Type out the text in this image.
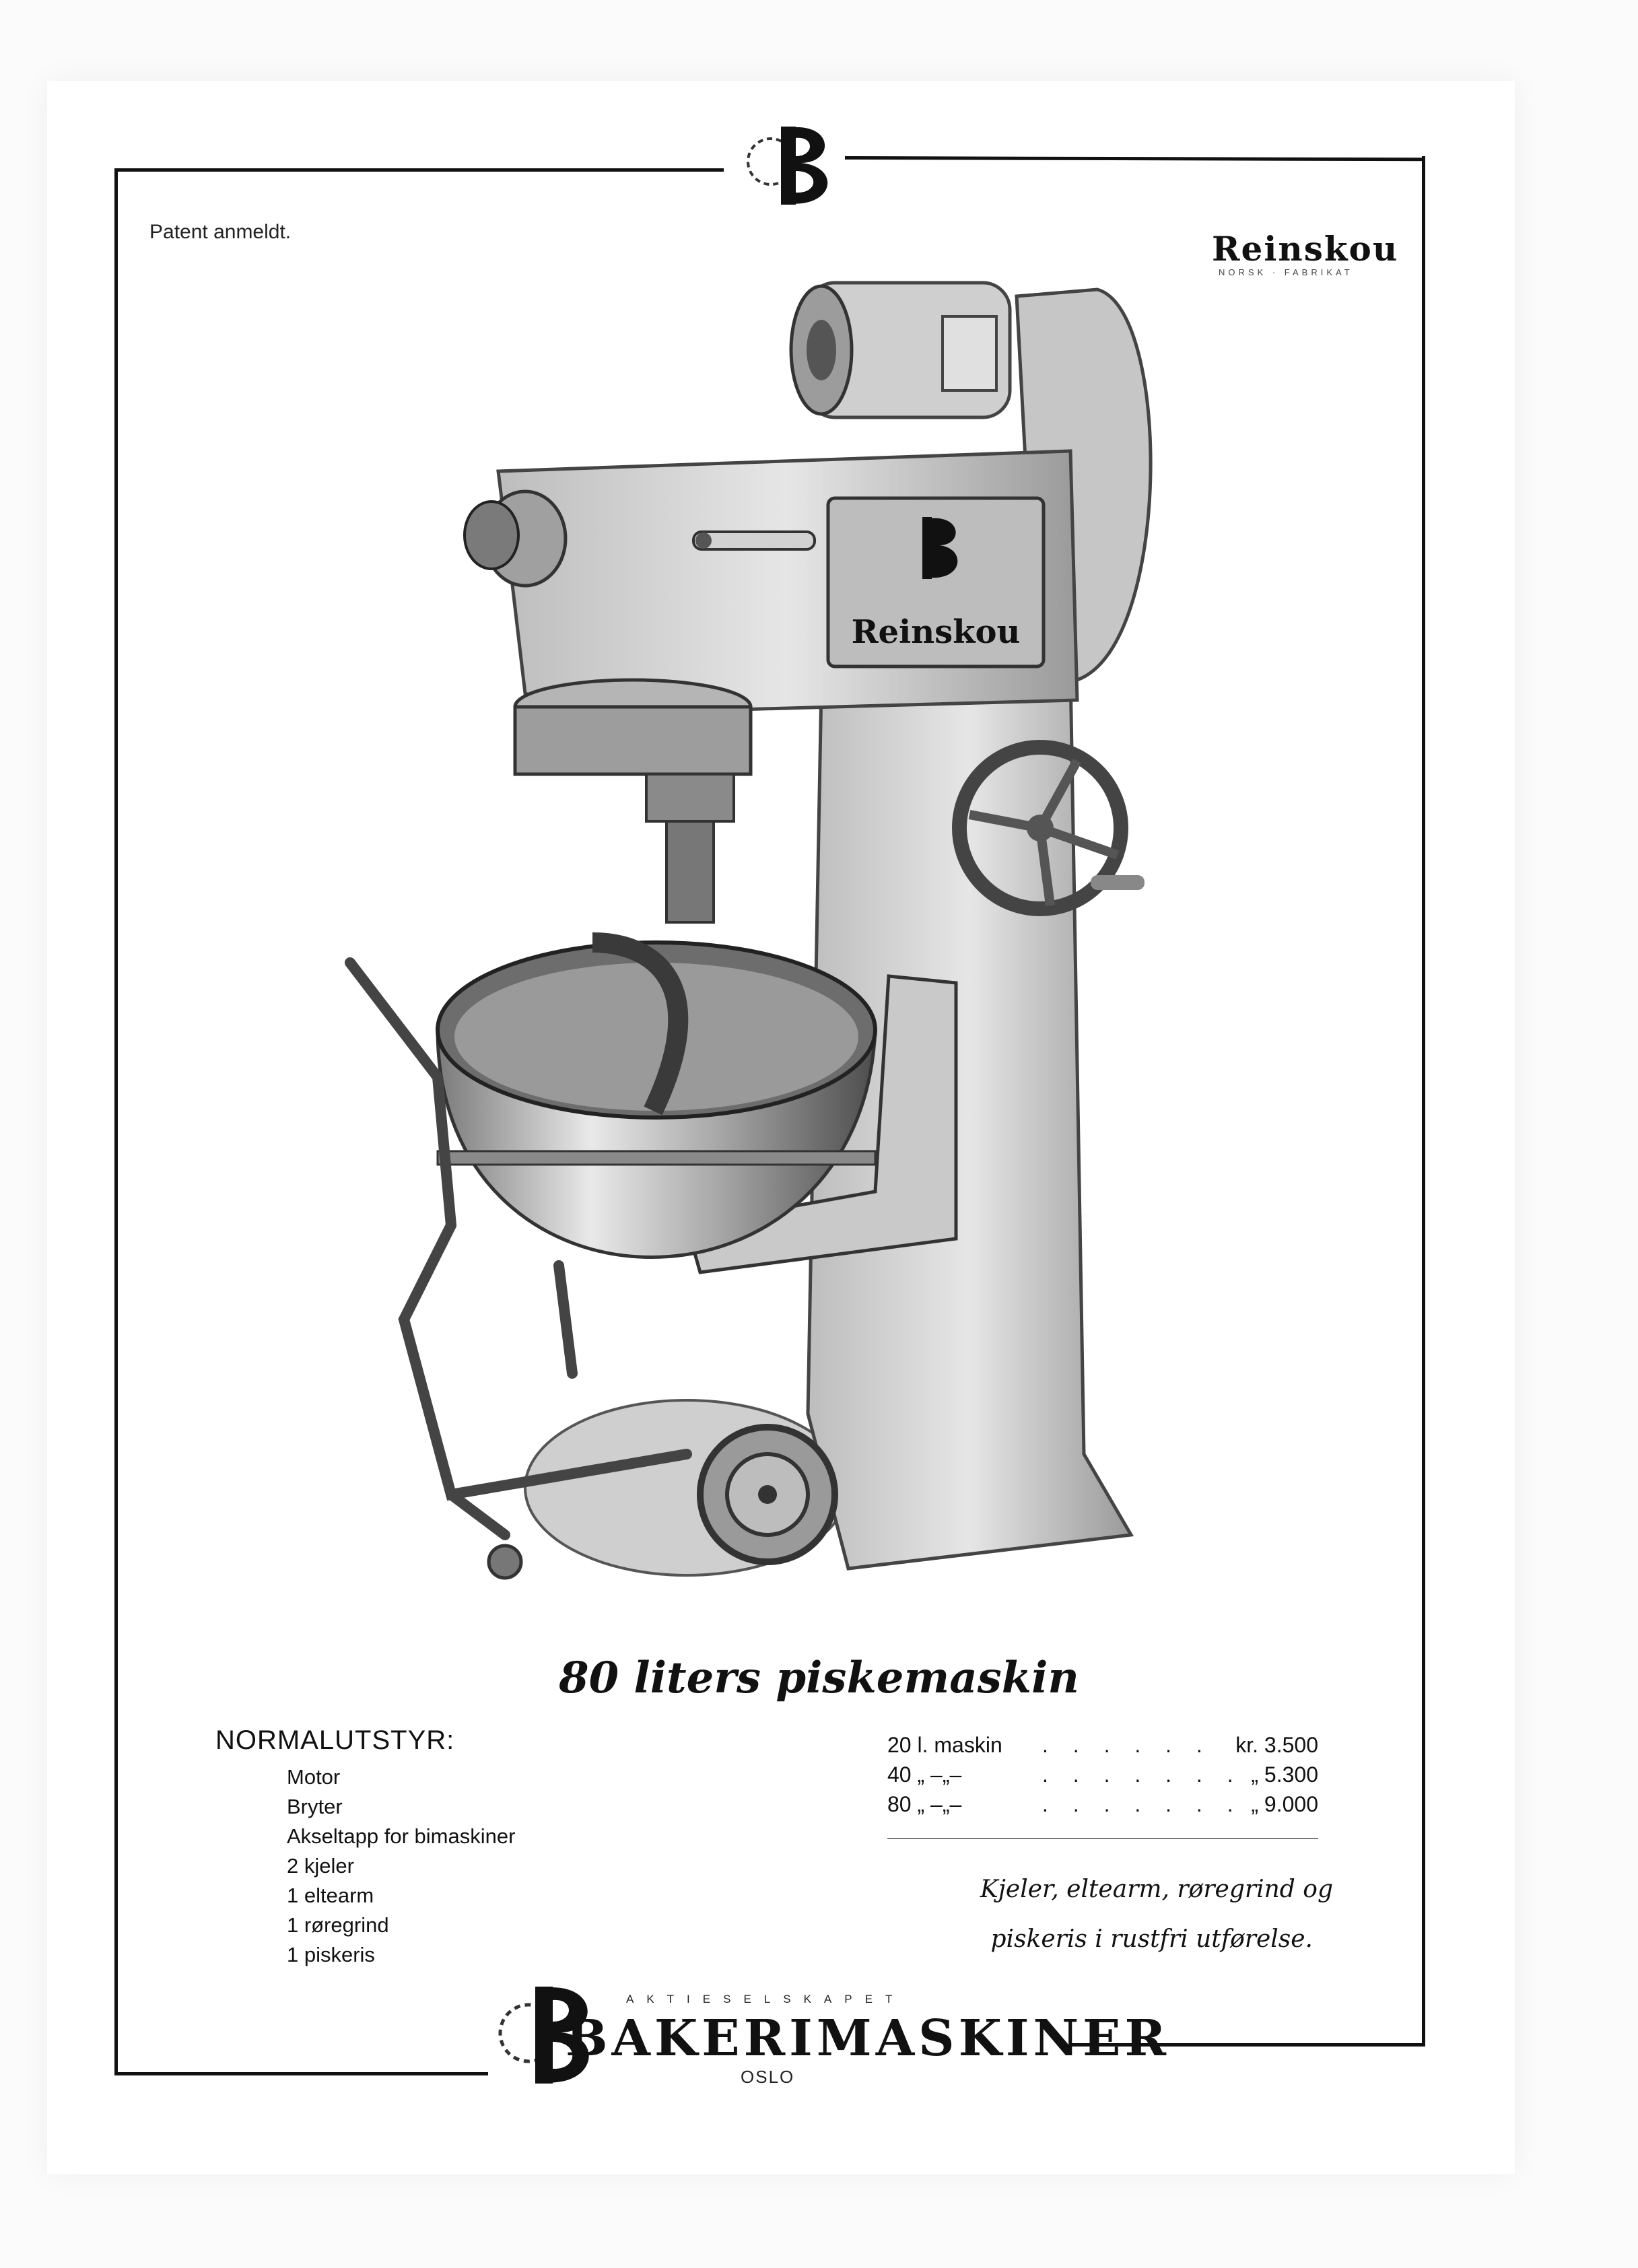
Patent anmeldt.	Reinskou
NORSK · FABRIKAT
Reinskou
80 liters piskemaskin
NORMALUTSTYR:
Motor
Bryter
Akseltapp for bimaskiner
2 kjeler
1 eltearm
1 røregrind
1 piskeris
20 l. maskin . . . . . . kr. 3.500
40 „ –„–	. . . . . . . „ 5.300
80 „ –„–	. . . . . . . „ 9.000
Kjeler, eltearm, røregrind og
piskeris i rustfri utførelse.
AKTIESELSKAPET
BAKERIMASKINER
OSLO
